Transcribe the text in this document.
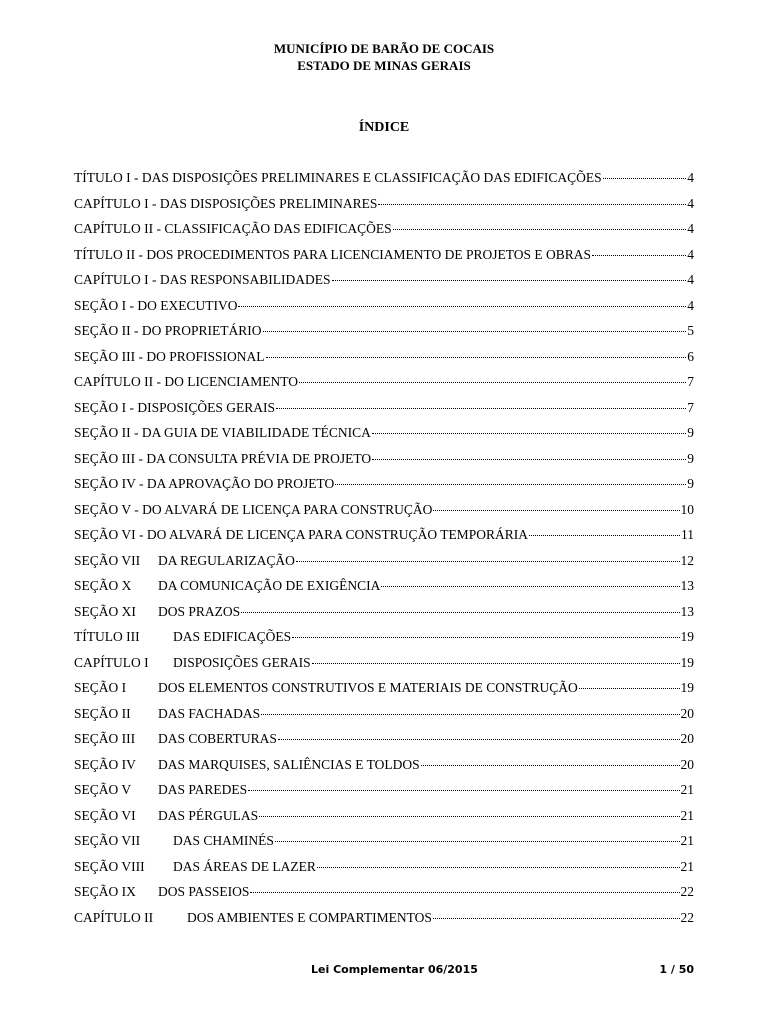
MUNICÍPIO DE BARÃO DE COCAIS
ESTADO DE MINAS GERAIS
ÍNDICE
TÍTULO I - DAS DISPOSIÇÕES PRELIMINARES E CLASSIFICAÇÃO DAS EDIFICAÇÕES	4
CAPÍTULO I - DAS DISPOSIÇÕES PRELIMINARES	4
CAPÍTULO II - CLASSIFICAÇÃO DAS EDIFICAÇÕES	4
TÍTULO II - DOS PROCEDIMENTOS PARA LICENCIAMENTO DE PROJETOS E OBRAS	4
CAPÍTULO I - DAS RESPONSABILIDADES	4
SEÇÃO I - DO EXECUTIVO	4
SEÇÃO II - DO PROPRIETÁRIO	5
SEÇÃO III - DO PROFISSIONAL	6
CAPÍTULO II - DO LICENCIAMENTO	7
SEÇÃO I - DISPOSIÇÕES GERAIS	7
SEÇÃO II - DA GUIA DE VIABILIDADE TÉCNICA	9
SEÇÃO III - DA CONSULTA PRÉVIA DE PROJETO	9
SEÇÃO IV - DA APROVAÇÃO DO PROJETO	9
SEÇÃO V - DO ALVARÁ DE LICENÇA PARA CONSTRUÇÃO	10
SEÇÃO VI - DO ALVARÁ DE LICENÇA PARA CONSTRUÇÃO TEMPORÁRIA	11
SEÇÃO VII	DA REGULARIZAÇÃO	12
SEÇÃO X	DA COMUNICAÇÃO DE EXIGÊNCIA	13
SEÇÃO XI	DOS PRAZOS	13
TÍTULO III	DAS EDIFICAÇÕES	19
CAPÍTULO I	DISPOSIÇÕES GERAIS	19
SEÇÃO I	DOS ELEMENTOS CONSTRUTIVOS E MATERIAIS DE CONSTRUÇÃO	19
SEÇÃO II	DAS FACHADAS	20
SEÇÃO III	DAS COBERTURAS	20
SEÇÃO IV	DAS MARQUISES, SALIÊNCIAS E TOLDOS	20
SEÇÃO V	DAS PAREDES	21
SEÇÃO VI	DAS PÉRGULAS	21
SEÇÃO VII	DAS CHAMINÉS	21
SEÇÃO VIII	DAS ÁREAS DE LAZER	21
SEÇÃO IX	DOS PASSEIOS	22
CAPÍTULO II	DOS AMBIENTES E COMPARTIMENTOS	22
Lei Complementar 06/2015	1 / 50
